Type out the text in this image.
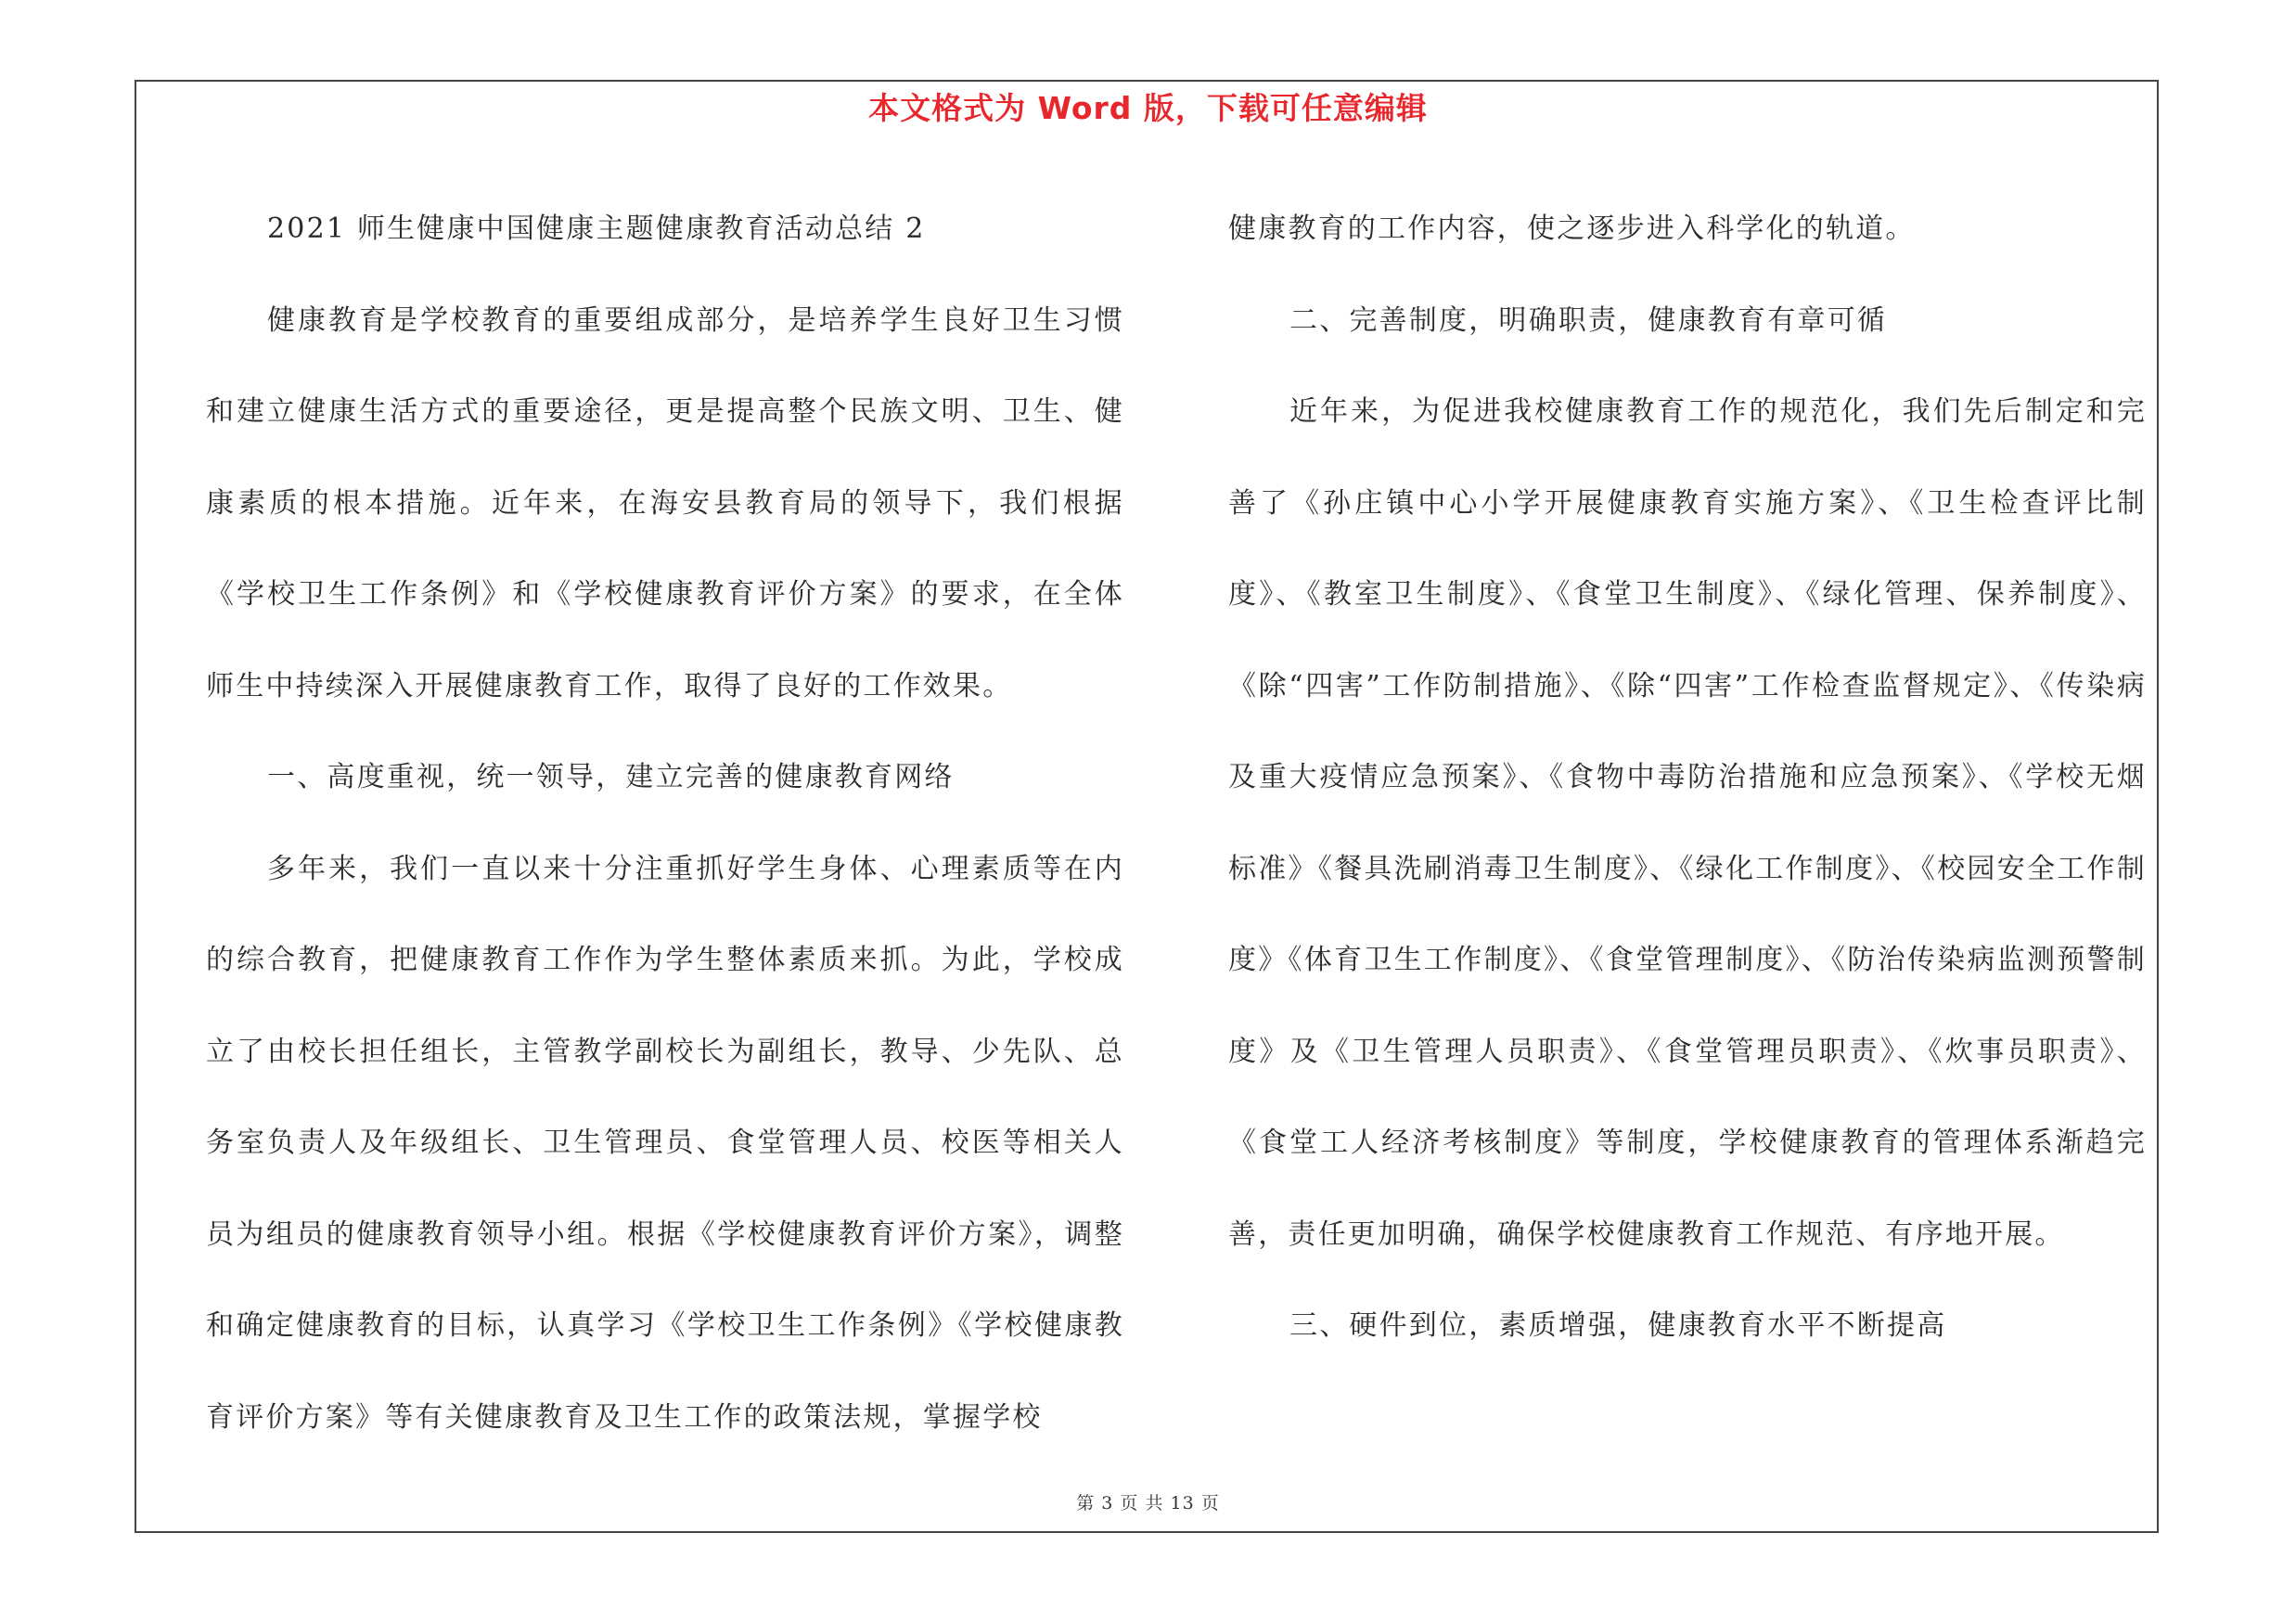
本文格式为 Word 版，下载可任意编辑

2021 师生健康中国健康主题健康教育活动总结 2

健康教育是学校教育的重要组成部分，是培养学生良好卫生习惯和建立健康生活方式的重要途径，更是提高整个民族文明、卫生、健康素质的根本措施。近年来，在海安县教育局的领导下，我们根据《学校卫生工作条例》和《学校健康教育评价方案》的要求，在全体师生中持续深入开展健康教育工作，取得了良好的工作效果。

一、高度重视，统一领导，建立完善的健康教育网络

多年来，我们一直以来十分注重抓好学生身体、心理素质等在内的综合教育，把健康教育工作作为学生整体素质来抓。为此，学校成立了由校长担任组长，主管教学副校长为副组长，教导、少先队、总务室负责人及年级组长、卫生管理员、食堂管理人员、校医等相关人员为组员的健康教育领导小组。根据《学校健康教育评价方案》，调整和确定健康教育的目标，认真学习《学校卫生工作条例》《学校健康教育评价方案》等有关健康教育及卫生工作的政策法规，掌握学校

健康教育的工作内容，使之逐步进入科学化的轨道。

二、完善制度，明确职责，健康教育有章可循

近年来，为促进我校健康教育工作的规范化，我们先后制定和完善了《孙庄镇中心小学开展健康教育实施方案》、《卫生检查评比制度》、《教室卫生制度》、《食堂卫生制度》、《绿化管理、保养制度》、《除“四害”工作防制措施》、《除“四害”工作检查监督规定》、《传染病及重大疫情应急预案》、《食物中毒防治措施和应急预案》、《学校无烟标准》《餐具洗刷消毒卫生制度》、《绿化工作制度》、《校园安全工作制度》《体育卫生工作制度》、《食堂管理制度》、《防治传染病监测预警制度》及《卫生管理人员职责》、《食堂管理员职责》、《炊事员职责》、《食堂工人经济考核制度》等制度，学校健康教育的管理体系渐趋完善，责任更加明确，确保学校健康教育工作规范、有序地开展。

三、硬件到位，素质增强，健康教育水平不断提高

第 3 页 共 13 页
